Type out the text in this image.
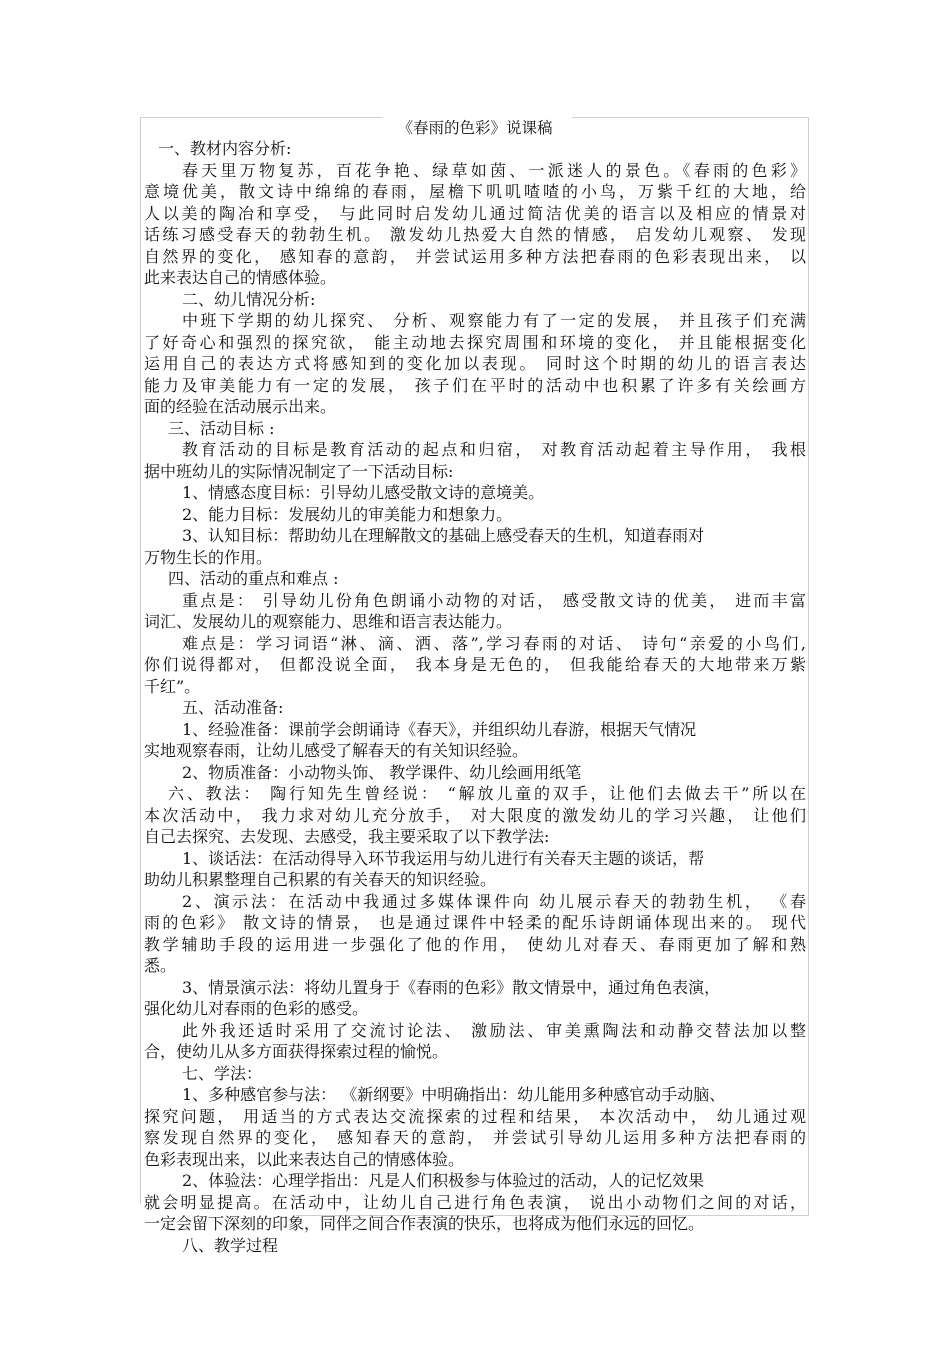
《春雨的色彩》说课稿
一、教材内容分析:
春天里万物复苏，百花争艳、绿草如茵、一派迷人的景色。《春雨的色彩》
意境优美，散文诗中绵绵的春雨，屋檐下叽叽喳喳的小鸟，万紫千红的大地，给
人以美的陶冶和享受， 与此同时启发幼儿通过简洁优美的语言以及相应的情景对
话练习感受春天的勃勃生机。 激发幼儿热爱大自然的情感， 启发幼儿观察、 发现
自然界的变化， 感知春的意韵， 并尝试运用多种方法把春雨的色彩表现出来， 以
此来表达自己的情感体验。
二、幼儿情况分析:
中班下学期的幼儿探究、 分析、观察能力有了一定的发展， 并且孩子们充满
了好奇心和强烈的探究欲， 能主动地去探究周围和环境的变化， 并且能根据变化
运用自己的表达方式将感知到的变化加以表现。 同时这个时期的幼儿的语言表达
能力及审美能力有一定的发展， 孩子们在平时的活动中也积累了许多有关绘画方
面的经验在活动展示出来。
三、活动目标 :
教育活动的目标是教育活动的起点和归宿， 对教育活动起着主导作用， 我根
据中班幼儿的实际情况制定了一下活动目标:
1、情感态度目标：引导幼儿感受散文诗的意境美。
2、能力目标：发展幼儿的审美能力和想象力。
3、认知目标：帮助幼儿在理解散文的基础上感受春天的生机，知道春雨对
万物生长的作用。
四、活动的重点和难点 :
重点是： 引导幼儿份角色朗诵小动物的对话， 感受散文诗的优美， 进而丰富
词汇、发展幼儿的观察能力、思维和语言表达能力。
难点是：学习词语“淋、滴、洒、落”,学习春雨的对话、 诗句“亲爱的小鸟们,
你们说得都对， 但都没说全面， 我本身是无色的， 但我能给春天的大地带来万紫
千红”。
五、活动准备:
1、经验准备：课前学会朗诵诗《春天》，并组织幼儿春游，根据天气情况
实地观察春雨，让幼儿感受了解春天的有关知识经验。
2、物质准备：小动物头饰、 教学课件、幼儿绘画用纸笔
六、教法： 陶行知先生曾经说： “解放儿童的双手，让他们去做去干”所以在
本次活动中， 我力求对幼儿充分放手， 对大限度的激发幼儿的学习兴趣， 让他们
自己去探究、去发现、去感受，我主要采取了以下教学法:
1、谈话法：在活动得导入环节我运用与幼儿进行有关春天主题的谈话，帮
助幼儿积累整理自己积累的有关春天的知识经验。
2、演示法：在活动中我通过多媒体课件向 幼儿展示春天的勃勃生机， 《春
雨的色彩》 散文诗的情景， 也是通过课件中轻柔的配乐诗朗诵体现出来的。 现代
教学辅助手段的运用进一步强化了他的作用， 使幼儿对春天、春雨更加了解和熟
悉。
3、情景演示法：将幼儿置身于《春雨的色彩》散文情景中，通过角色表演，
强化幼儿对春雨的色彩的感受。
此外我还适时采用了交流讨论法、 激励法、审美熏陶法和动静交替法加以整
合，使幼儿从多方面获得探索过程的愉悦。
七、学法：
1、多种感官参与法： 《新纲要》中明确指出：幼儿能用多种感官动手动脑、
探究问题， 用适当的方式表达交流探索的过程和结果， 本次活动中， 幼儿通过观
察发现自然界的变化， 感知春天的意韵， 并尝试引导幼儿运用多种方法把春雨的
色彩表现出来，以此来表达自己的情感体验。
2、体验法：心理学指出：凡是人们积极参与体验过的活动，人的记忆效果
就会明显提高。在活动中，让幼儿自己进行角色表演， 说出小动物们之间的对话，
一定会留下深刻的印象，同伴之间合作表演的快乐，也将成为他们永远的回忆。
八、教学过程
